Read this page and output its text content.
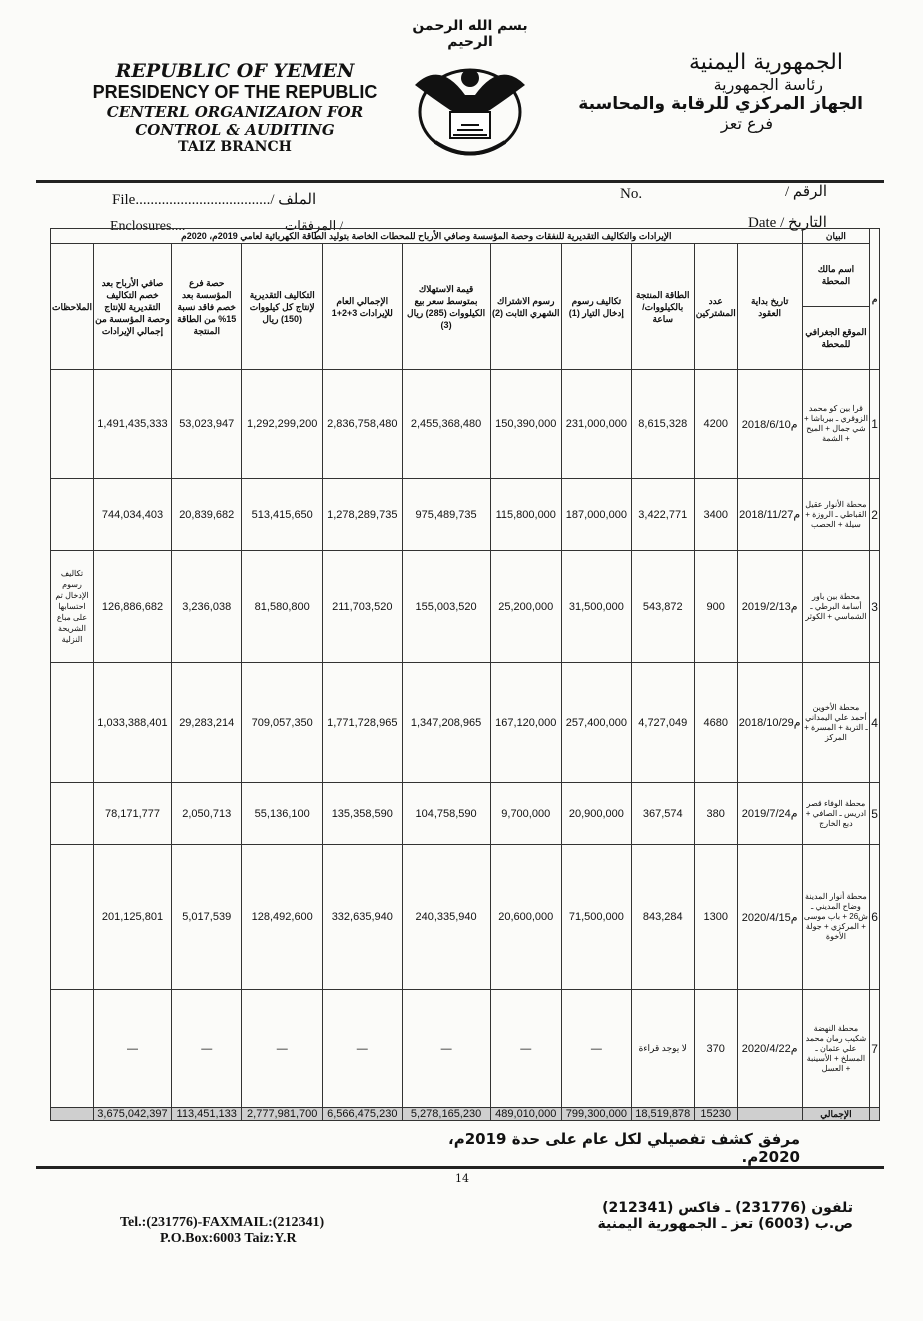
بسم الله الرحمن الرحيم
REPUBLIC OF YEMEN
PRESIDENCY OF THE REPUBLIC
CENTERL ORGANIZAION FOR
CONTROL & AUDITING
TAIZ BRANCH
الجمهورية اليمنية
رئاسة الجمهورية
الجهاز المركزي للرقابة والمحاسبة
فرع تعز
File..................................../ الملف	No.	/ الرقم
Enclosures....	المرفقات /	Date / التاريخ
الإيرادات والتكاليف التقديرية للنفقات وحصة المؤسسة وصافي الأرباح للمحطات الخاصة بتوليد الطاقة الكهربائية لعامي 2019م، 2020م											البيان	م
الملاحظات	صافي الأرباح بعد خصم التكاليف التقديرية للإنتاج وحصة المؤسسة من إجمالي الإيرادات	حصة فرع المؤسسة بعد خصم فاقد نسبة 15% من الطاقة المنتجة	التكاليف التقديرية لإنتاج كل كيلووات (150) ريال	الإجمالي العام للإيرادات 3+2+1	قيمة الاستهلاك بمتوسط سعر بيع الكيلووات (285) ريال (3)	رسوم الاشتراك الشهري الثابت (2)	تكاليف رسوم إدخال التيار (1)	الطاقة المنتجة بالكيلووات/ساعة	عدد المشتركين	تاريخ بداية العقود	اسم مالك المحطة	
											الموقع الجغرافي للمحطة	
	1,491,435,333	53,023,947	1,292,299,200	2,836,758,480	2,455,368,480	150,390,000	231,000,000	8,615,328	4200	2018/6/10م	قرا بين كو محمد الزوقري ـ بيرباشا + شي جمال + الميح + الشمة	1
	744,034,403	20,839,682	513,415,650	1,278,289,735	975,489,735	115,800,000	187,000,000	3,422,771	3400	2018/11/27م	محطة الأنوار عقيل القباطي ـ الروزة + سيلة + الحصب	2
تكاليف رسوم الإدخال تم احتسابها على مباع الشريحة النزلية	126,886,682	3,236,038	81,580,800	211,703,520	155,003,520	25,200,000	31,500,000	543,872	900	2019/2/13م	محطة بين باور أسامة البرطي ـ الشماسي + الكوثر	3
	1,033,388,401	29,283,214	709,057,350	1,771,728,965	1,347,208,965	167,120,000	257,400,000	4,727,049	4680	2018/10/29م	محطة الأخوين أحمد علي اليمداني ـ التربة + المسرة + المركز	4
	78,171,777	2,050,713	55,136,100	135,358,590	104,758,590	9,700,000	20,900,000	367,574	380	2019/7/24م	محطة الوفاء قصر ادريس ـ الصافي + دبع الخارج	5
	201,125,801	5,017,539	128,492,600	332,635,940	240,335,940	20,600,000	71,500,000	843,284	1300	2020/4/15م	محطة أنوار المدينة وضاح المديني ـ ش26 + باب موسى + المركزي + جولة الأخوة	6
	—	—	—	—	—	—	—	لا يوجد قراءة	370	2020/4/22م	محطة النهضة شكيب رمان محمد علي عثمان ـ المسلخ + الأسينبة + العسل	7
	3,675,042,397	113,451,133	2,777,981,700	6,566,475,230	5,278,165,230	489,010,000	799,300,000	18,519,878	15230		الإجمالي	
مرفق كشف تفصيلي لكل عام على حدة 2019م، 2020م.
14
Tel.:(231776)-FAXMAIL:(212341)
P.O.Box:6003 Taiz:Y.R
تلفون (231776) ـ فاكس (212341)
ص.ب (6003) تعز ـ الجمهورية اليمنية
